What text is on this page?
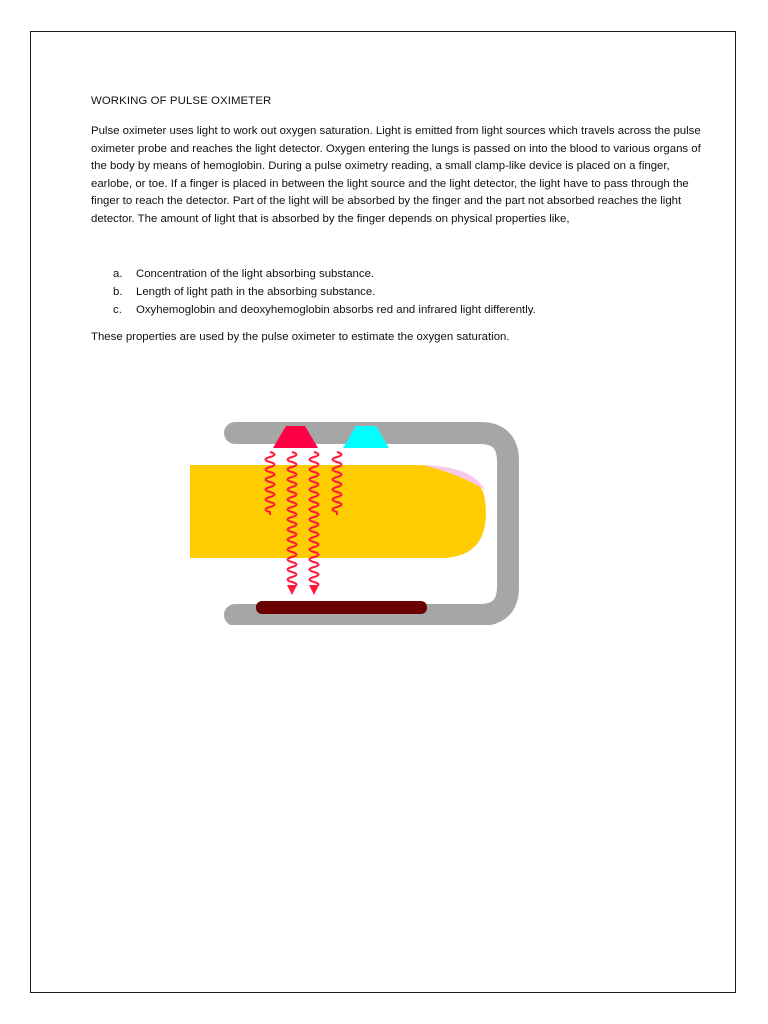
WORKING OF PULSE OXIMETER

Pulse oximeter uses light to work out oxygen saturation. Light is emitted from light sources which travels across the pulse oximeter probe and reaches the light detector. Oxygen entering the lungs is passed on into the blood to various organs of the body by means of hemoglobin. During a pulse oximetry reading, a small clamp-like device is placed on a finger, earlobe, or toe. If a finger is placed in between the light source and the light detector, the light have to pass through the finger to reach the detector. Part of the light will be absorbed by the finger and the part not absorbed reaches the light detector. The amount of light that is absorbed by the finger depends on physical properties like,

a.	Concentration of the light absorbing substance.
b.	Length of light path in the absorbing substance.
c.	Oxyhemoglobin and deoxyhemoglobin absorbs red and infrared light differently.

These properties are used by the pulse oximeter to estimate the oxygen saturation.
